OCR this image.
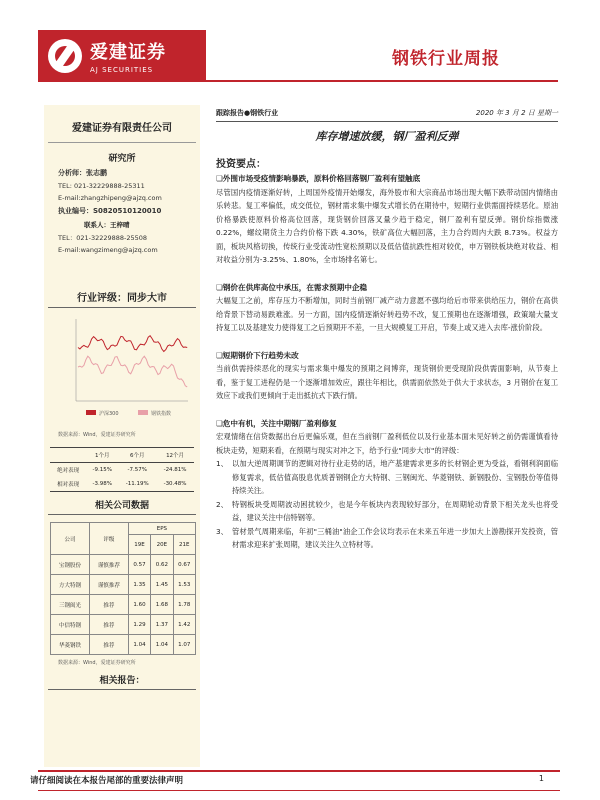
爱建证券
AJ SECURITIES
钢铁行业周报
爱建证券有限责任公司
研究所
分析师：张志鹏
TEL: 021-32229888-25311
E-mail:zhangzhipeng@ajzq.com
执业编号：S0820510120010
联系人：王梓晴
TEL：021-32229888-25508
E-mail:wangzimeng@ajzq.com
行业评级：同步大市
沪深300	钢铁指数
数据来源：Wind，爱建证券研究所
	1个月	6个月	12个月
绝对表现	-9.15%	-7.57%	-24.81%
相对表现	-3.98%	-11.19%	-30.48%
相关公司数据
公司	评级	EPS		
		19E	20E	21E
宝钢股份	谨慎推荐	0.57	0.62	0.67
方大特钢	谨慎推荐	1.35	1.45	1.53
三钢闽光	推荐	1.60	1.68	1.78
中信特钢	推荐	1.29	1.37	1.42
华菱钢铁	推荐	1.04	1.04	1.07
数据来源：Wind，爱建证券研究所
相关报告：
跟踪报告●钢铁行业	2020 年 3 月 2 日 星期一
库存增速放缓，钢厂盈利反弹
投资要点：
❏外围市场受疫情影响暴跌，原料价格回落钢厂盈利有望触底
尽管国内疫情逐渐好转，上周国外疫情开始爆发，海外股市和大宗商品市场出现大幅下跌带动国内情绪由乐转悲。复工率偏低，成交低位，钢材需求集中爆发式增长仍在期待中，短期行业供需面持续恶化。原油价格暴跌使原料价格高位回落，现货钢价回落叉量少趋于稳定，钢厂盈利有望反弹。钢价综指微涨 0.22%，螺纹期货主力合约价格下跌 4.30%，铁矿高位大幅回落，主力合约周内大跌 8.73%。权益方面，板块风格切换，传统行业受流动性宽松预期以及低估值抗跌性相对较优，申万钢铁板块绝对收益、相对收益分别为-3.25%、1.80%，全市场排名第七。
❏钢价在供库高位中承压，在需求预期中企稳
大幅复工之前，库存压力不断增加，同时当前钢厂减产动力意愿不强均给后市带来供给压力，钢价在高供给背景下替动易跌难涨。另一方面，国内疫情逐渐好转趋势不改，复工预期也在逐渐增强，政策端大量支持复工以及基建发力使得复工之后预期开不差，一旦大规模复工开启，节奏上或又进入去库-涨价阶段。
❏短期钢价下行趋势未改
当前供需持续恶化的现实与需求集中爆发的预期之间博弈，现货钢价更受现阶段供需面影响，从节奏上看，鉴于复工进程仍是一个逐渐增加效应，跟往年相比，供需面依然处于供大于求状态，3 月钢价在复工效应下或我们更倾向于走出抵抗式下跌行情。
❏危中有机，关注中期钢厂盈利修复
宏观情绪在信贷数据出台后更偏乐观，但在当前钢厂盈利低位以及行业基本面未见好转之前仍需谨慎看待板块走势，短期来看，在预期与现实对冲之下，给予行业"同步大市"的评级：
1、 以加大逆周期调节的逻辑对待行业走势的话，地产基建需求更多的长材钢企更为受益，看钢利润面临修复需求，低估值高股息优质普钢钢企方大特钢、三钢闽光、华菱钢铁、新钢股份、宝钢股份等值得持续关注。
2、 特钢板块受周期波动困扰较少，也是今年板块内表现较好部分，在周期轮动背景下相关龙头也将受益，建议关注中信特钢等。
3、 管材景气周期来临，年初"三桶油"油企工作会议均表示在未来五年进一步加大上游勘探开发投资，管材需求迎来扩张周期，建议关注久立特材等。
请仔细阅读在本报告尾部的重要法律声明	1
